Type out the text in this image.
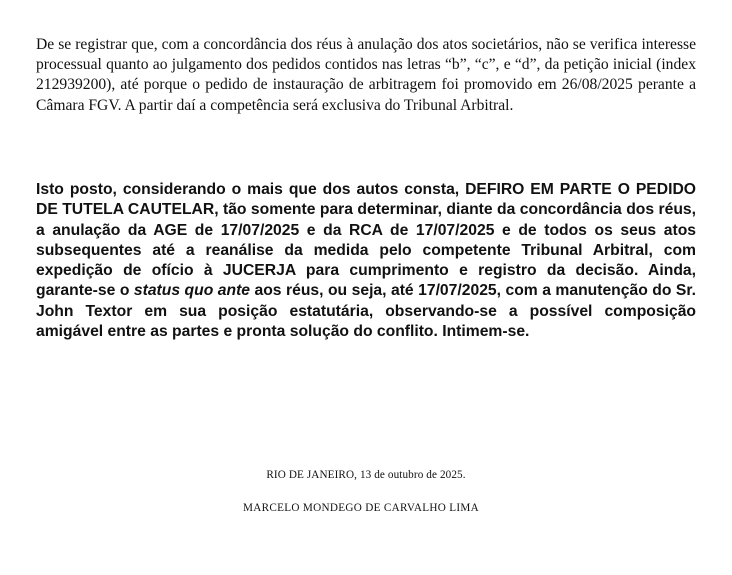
De se registrar que, com a concordância dos réus à anulação dos atos societários, não se verifica interesse processual quanto ao julgamento dos pedidos contidos nas letras “b”, “c”, e “d”, da petição inicial (index 212939200), até porque o pedido de instauração de arbitragem foi promovido em 26/08/2025 perante a Câmara FGV. A partir daí a competência será exclusiva do Tribunal Arbitral.

Isto posto, considerando o mais que dos autos consta, DEFIRO EM PARTE O PEDIDO DE TUTELA CAUTELAR, tão somente para determinar, diante da concordância dos réus, a anulação da AGE de 17/07/2025 e da RCA de 17/07/2025 e de todos os seus atos subsequentes até a reanálise da medida pelo competente Tribunal Arbitral, com expedição de ofício à JUCERJA para cumprimento e registro da decisão. Ainda, garante-se o status quo ante aos réus, ou seja, até 17/07/2025, com a manutenção do Sr. John Textor em sua posição estatutária, observando-se a possível composição amigável entre as partes e pronta solução do conflito. Intimem-se.

RIO DE JANEIRO, 13 de outubro de 2025.

MARCELO MONDEGO DE CARVALHO LIMA
